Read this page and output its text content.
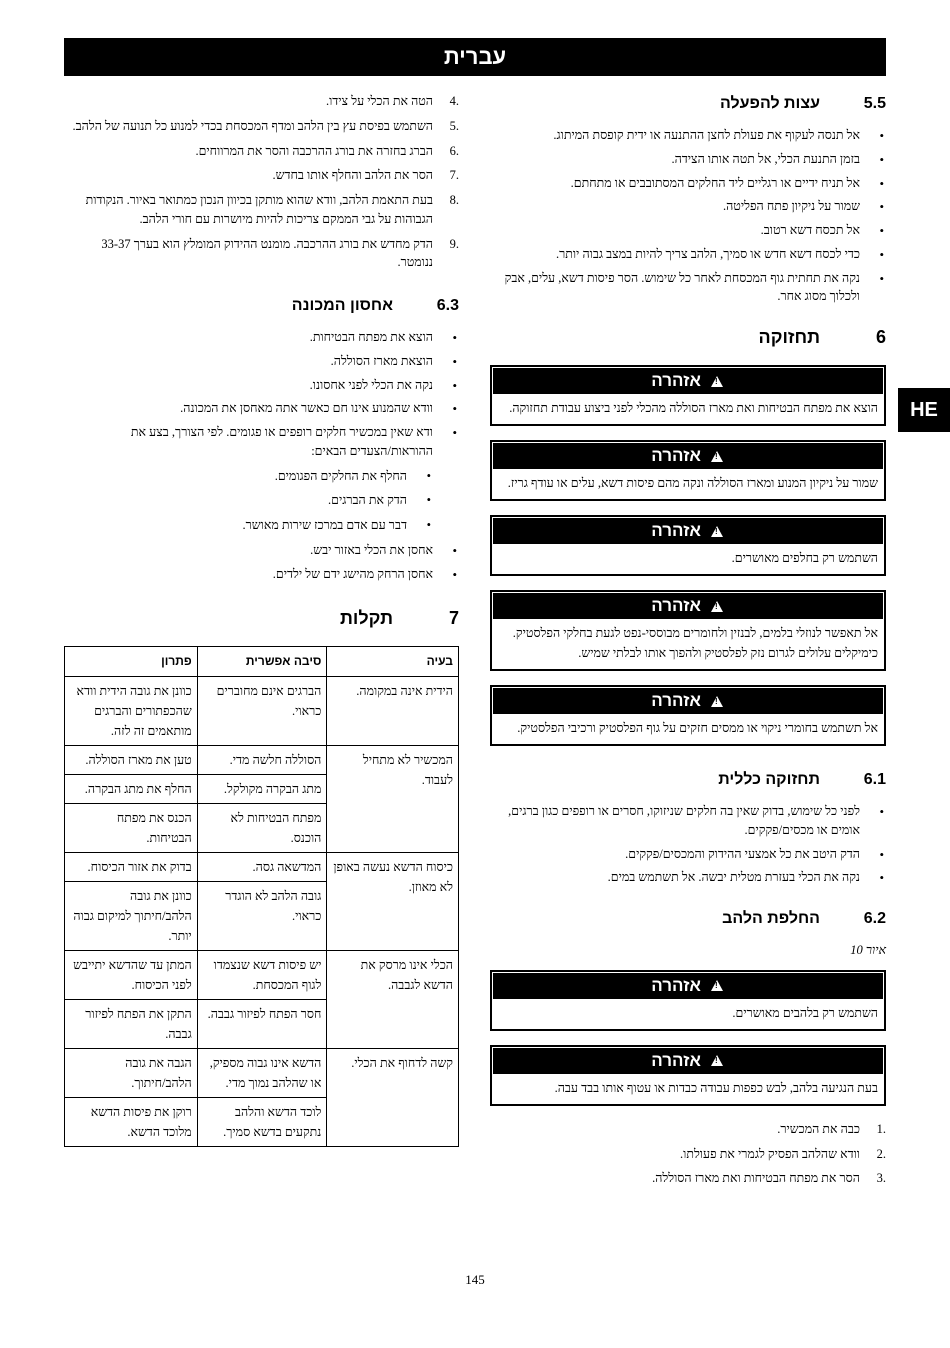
עברית
HE
5.5
עצות להפעלה
• אל תנסה לעקוף את פעולת לחצן ההתנעה או ידית קופסת המיתוג.
• בזמן התנעת הכלי, אל תטה אותו הצידה.
• אל תניח ידיים או רגליים ליד החלקים המסתובבים או מתחתם.
• שמור על ניקיון פתח הפליטה.
• אל תכסח דשא רטוב.
• כדי לכסח דשא חדש או סמיך, הלהב צריך להיות במצב גבוה יותר.
• נקה את תחתית גוף המכסחת לאחר כל שימוש. הסר פיסות דשא, עלים, אבק ולכלוך מסוג אחר.
6
תחזוקה
!
אזהרה
הוצא את מפתח הבטיחות ואת מארז הסוללה מהכלי לפני ביצוע עבודת תחזוקה.
!
אזהרה
שמור על ניקיון המנוע ומארז הסוללה ונקה מהם פיסות דשא, עלים או עודף גריז.
!
אזהרה
השתמש רק בחלפים מאושרים.
!
אזהרה
אל תאפשר לנוזלי בלמים, לבנזין ולחומרים מבוססי-נפט לגעת בחלקי הפלסטיק. כימיקלים עלולים לגרום נזק לפלסטיק ולהפוך אותו לבלתי שמיש.
!
אזהרה
אל תשתמש בחומרי ניקוי או ממסים חזקים על גוף הפלסטיק ורכיבי הפלסטיק.
6.1
תחזוקה כללית
• לפני כל שימוש, בדוק שאין בה חלקים שניזוקו, חסרים או רופפים כגון ברגים, אומים או מכסים/פקקים.
• הדק היטב את כל אמצעי ההידוק והמכסים/פקקים.
• נקה את הכלי בעזרת מטלית יבשה. אל תשתמש במים.
6.2
החלפת הלהב
איור 10
!
אזהרה
השתמש רק בלהבים מאושרים.
!
אזהרה
בעת הנגיעה בלהב, לבש כפפות עבודה כבדות או עטוף אותו בבד עבה.
1.
כבה את המכשיר.
2.
וודא שהלהב הפסיק לגמרי את פעולתו.
3.
הסר את מפתח הבטיחות ואת מארז הסוללה.
4.
הטה את הכלי על צידו.
5.
השתמש בפיסת עץ בין הלהב ומדף המכסחת בכדי למנוע כל תנועה של הלהב.
6.
הברג בחזרה את בורג ההרכבה והסר את המרווחים.
7.
הסר את הלהב והחלף אותו בחדש.
8.
בעת התאמת הלהב, וודא שהוא מותקן בכיוון הנכון כמתואר באיור. הנקודות הגבוהות על גבי הממקם צריכות להיות מיושרות עם חורי הלהב.
9.
הדק מחדש את בורג ההרכבה. מומנט ההידוק המומלץ הוא בערך 33-37 ננומטר.
6.3
אחסון המכונה
• הוצא את מפתח הבטיחות.
• הוצאת מארז הסוללה.
• נקה את הכלי לפני אחסונו.
• וודא שהמנוע אינו חם כאשר אתה מאחסן את המכונה.
• ודא שאין במכשיר חלקים רופפים או פגומים. לפי הצורך, בצע את ההוראות/הצעדים הבאים:
• החלף את החלקים הפגומים.
• הדק את הברגים.
• דבר עם אדם במרכז שירות מאושר.
• אחסן את הכלי באזור יבש.
• אחסן הרחק מהישג ידם של ילדים.
7
תקלות
בעיה	סיבה אפשרית	פתרון
הידית אינה במקומה.	הברגים אינם מחוברים כראוי.	כוונן את גובה הידית וודא שהכפתורים והברגים מותאמים זה לזה.
המכשיר לא מתחיל לעבוד.	הסוללה חלשה מדי.	טען את מארז הסוללה.
	מתג הבקרה מקולקל.	החלף את מתג הבקרה.
	מפתח הבטיחות לא הוכנס.	הכנס את מפתח הבטיחות.
כיסוח הדשא נעשה באופן לא מאוזן.	המדשאה גסה.	בדוק את אזור הכיסוח.
	גובה הלהב לא הוגדר כראוי.	כוונן את גובה הלהב/חיתוך למיקום גבוה יותר.
הכלי אינו מרסק את הדשא לגבבה.	יש פיסות דשא שנצמדו לגוף המכסחת.	המתן עד שהדשא יתייבש לפני הכיסוח.
	חסר הפתח לפיזור גבבה.	התקן את הפתח לפיזור גבבה.
קשה לדחוף את הכלי.	הדשא אינו גבוה מספיק, או שהלהב נמוך מדי.	הגבה את גובה הלהב/חיתוך.
	לוכד הדשא והלהב נתקעים בדשא סמיך.	רוקן את פיסות הדשא מלוכד הדשא.
145
